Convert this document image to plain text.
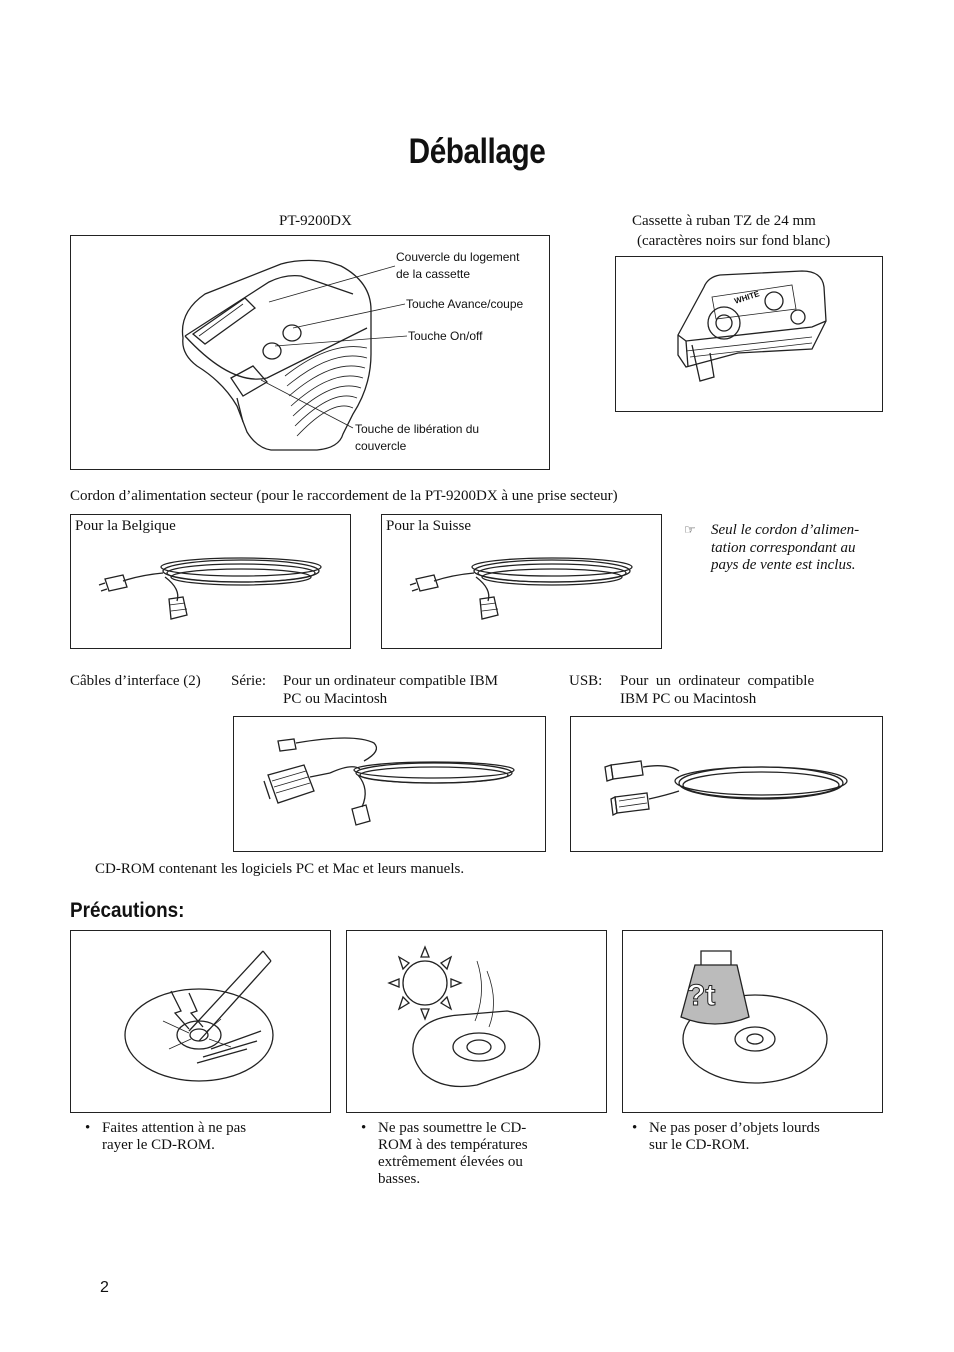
Déballage
PT-9200DX
Couvercle du logement
de la cassette
Touche Avance/coupe
Touche On/off
Touche de libération du
couvercle
Cassette à ruban TZ de 24 mm
(caractères noirs sur fond blanc)
WHITE
Cordon d’alimentation secteur (pour le raccordement de la PT-9200DX à une prise secteur)
Pour la Belgique	Pour la Suisse	☞ Seul le cordon d’alimen-
tation correspondant au
pays de vente est inclus.
Câbles d’interface (2) Série: Pour un ordinateur compatible IBM
PC ou Macintosh
USB: Pour  un  ordinateur  compatible
IBM PC ou Macintosh
CD-ROM contenant les logiciels PC et Mac et leurs manuels.
Précautions:
?t
• Faites attention à ne pas
rayer le CD-ROM.
• Ne pas soumettre le CD-
ROM à des températures
extrêmement élevées ou
basses.
• Ne pas poser d’objets lourds
sur le CD-ROM.
2
